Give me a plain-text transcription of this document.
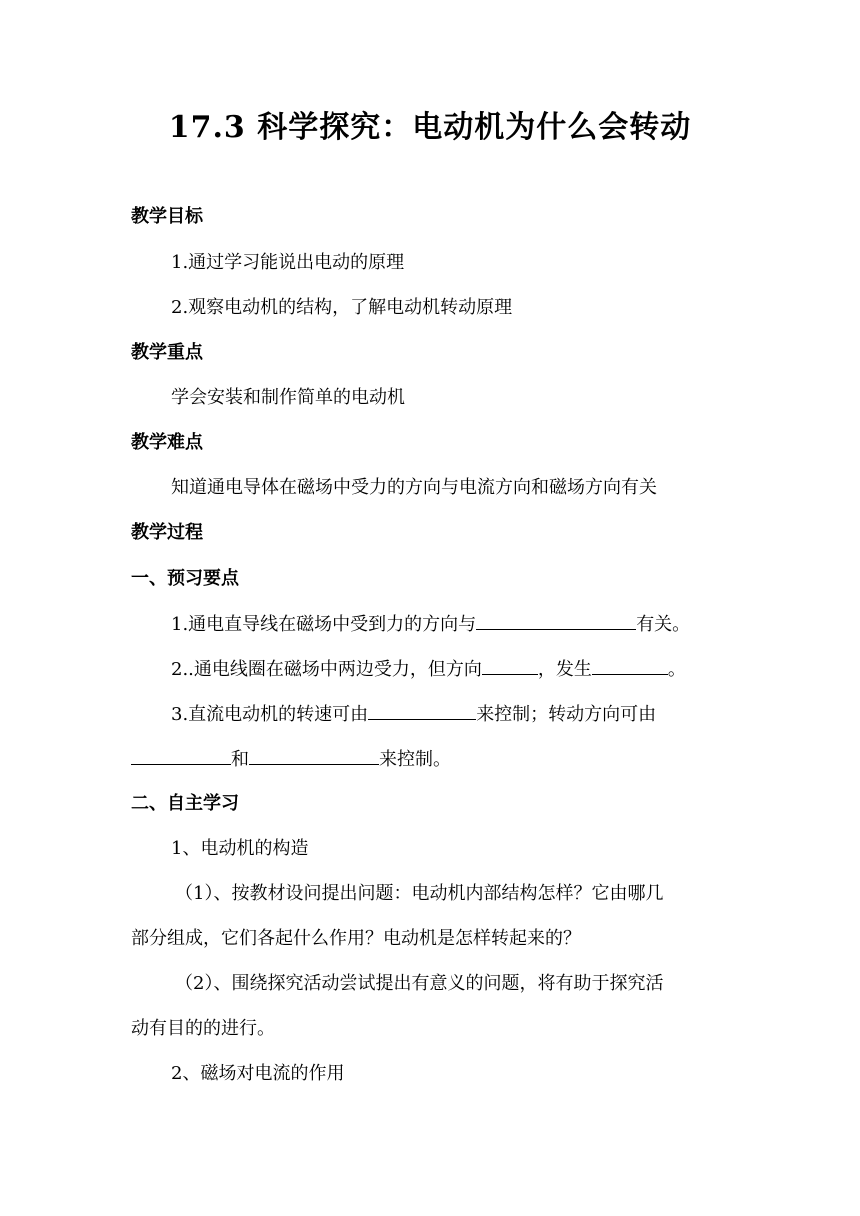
17.3 科学探究：电动机为什么会转动
教学目标
1.通过学习能说出电动的原理
2.观察电动机的结构，了解电动机转动原理
教学重点
学会安装和制作简单的电动机
教学难点
知道通电导体在磁场中受力的方向与电流方向和磁场方向有关
教学过程
一、预习要点
1.通电直导线在磁场中受到力的方向与	有关。
2..通电线圈在磁场中两边受力，但方向	，发生	。
3.直流电动机的转速可由	来控制；转动方向可由
和	来控制。
二、自主学习
1、电动机的构造
（1）、按教材设问提出问题：电动机内部结构怎样？它由哪几
部分组成，它们各起什么作用？电动机是怎样转起来的？
（2）、围绕探究活动尝试提出有意义的问题，将有助于探究活
动有目的的进行。
2、磁场对电流的作用
